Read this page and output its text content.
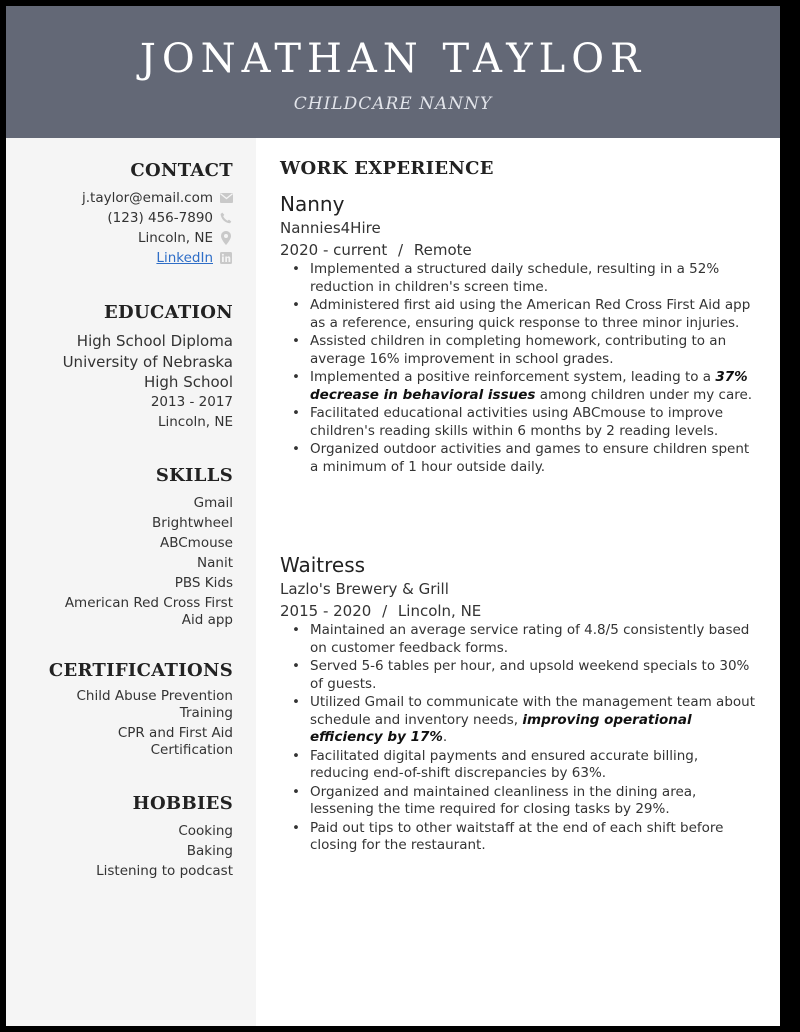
JONATHAN TAYLOR
CHILDCARE NANNY
CONTACT
j.taylor@email.com
(123) 456-7890
Lincoln, NE
LinkedIn
EDUCATION
High School Diploma
University of Nebraska
High School
2013 - 2017
Lincoln, NE
SKILLS
Gmail
Brightwheel
ABCmouse
Nanit
PBS Kids
American Red Cross First
Aid app
CERTIFICATIONS
Child Abuse Prevention
Training
CPR and First Aid
Certification
HOBBIES
Cooking
Baking
Listening to podcast
WORK EXPERIENCE
Nanny
Nannies4Hire
2020 - current / Remote
• Implemented a structured daily schedule, resulting in a 52% reduction in children's screen time.
• Administered first aid using the American Red Cross First Aid app as a reference, ensuring quick response to three minor injuries.
• Assisted children in completing homework, contributing to an average 16% improvement in school grades.
• Implemented a positive reinforcement system, leading to a 37% decrease in behavioral issues among children under my care.
• Facilitated educational activities using ABCmouse to improve children's reading skills within 6 months by 2 reading levels.
• Organized outdoor activities and games to ensure children spent a minimum of 1 hour outside daily.
Waitress
Lazlo's Brewery & Grill
2015 - 2020 / Lincoln, NE
• Maintained an average service rating of 4.8/5 consistently based on customer feedback forms.
• Served 5-6 tables per hour, and upsold weekend specials to 30% of guests.
• Utilized Gmail to communicate with the management team about schedule and inventory needs, improving operational efficiency by 17%.
• Facilitated digital payments and ensured accurate billing, reducing end-of-shift discrepancies by 63%.
• Organized and maintained cleanliness in the dining area, lessening the time required for closing tasks by 29%.
• Paid out tips to other waitstaff at the end of each shift before closing for the restaurant.
